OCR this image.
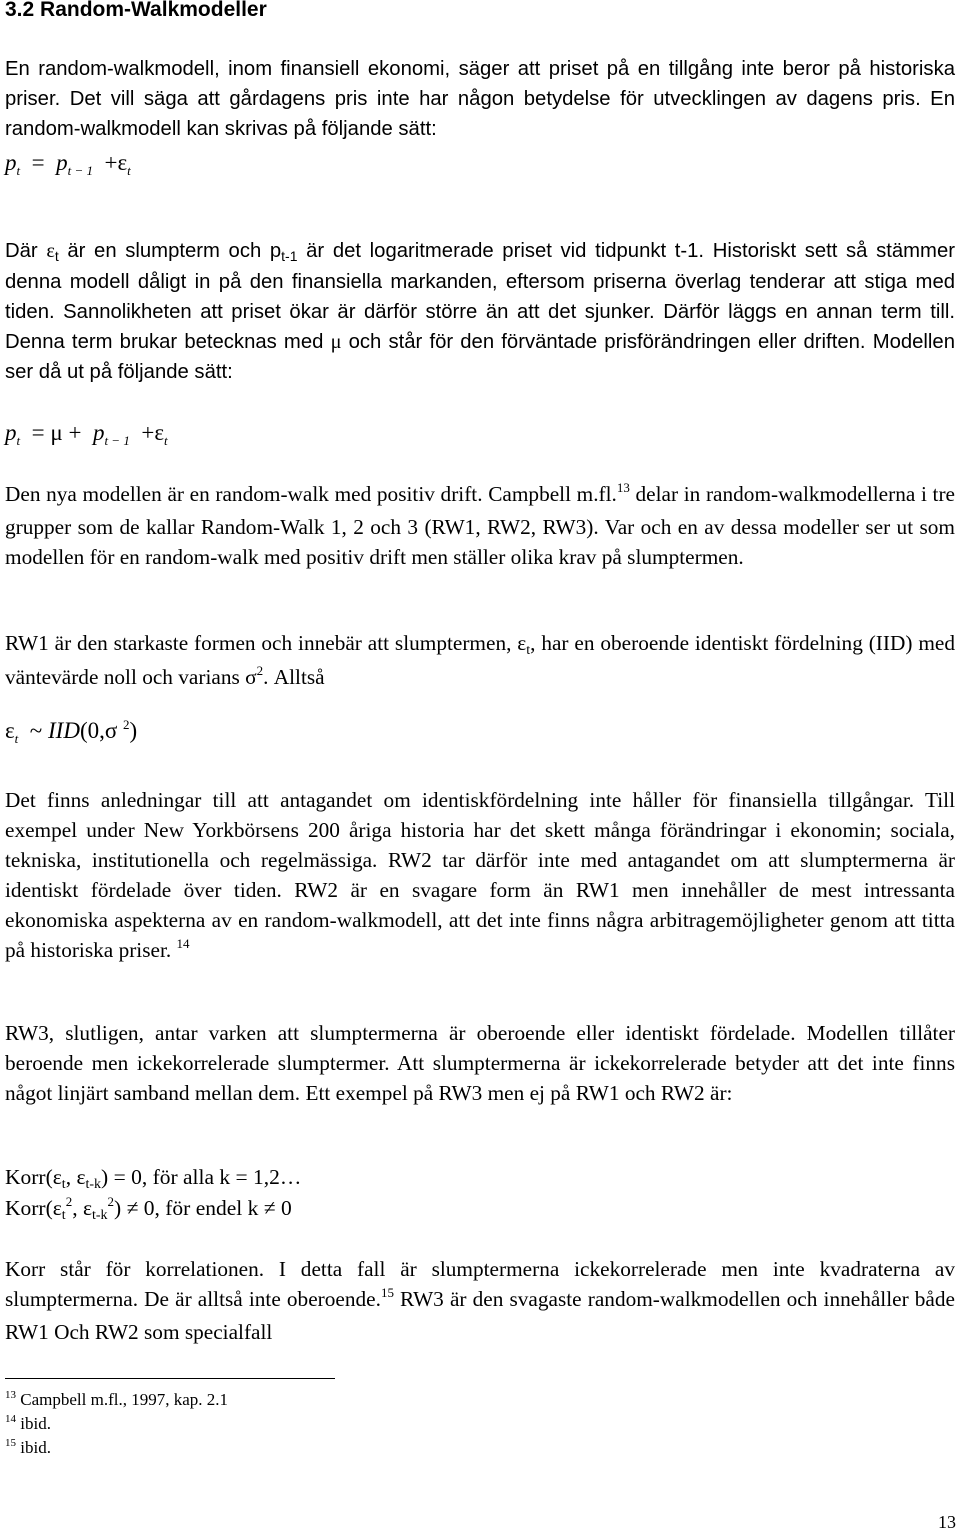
3.2 Random-Walkmodeller

En random-walkmodell, inom finansiell ekonomi, säger att priset på en tillgång inte beror på historiska priser. Det vill säga att gårdagens pris inte har någon betydelse för utvecklingen av dagens pris. En random-walkmodell kan skrivas på följande sätt:

$p_t = p_{t - 1} +\varepsilon_t$

Där εt är en slumpterm och pt-1 är det logaritmerade priset vid tidpunkt t-1. Historiskt sett så stämmer denna modell dåligt in på den finansiella markanden, eftersom priserna överlag tenderar att stiga med tiden. Sannolikheten att priset ökar är därför större än att det sjunker. Därför läggs en annan term till. Denna term brukar betecknas med μ och står för den förväntade prisförändringen eller driften. Modellen ser då ut på följande sätt:

$p_t = \mu + p_{t - 1} +\varepsilon_t$

Den nya modellen är en random-walk med positiv drift. Campbell m.fl.$^{13}$ delar in random-walkmodellerna i tre grupper som de kallar Random-Walk 1, 2 och 3 (RW1, RW2, RW3). Var och en av dessa modeller ser ut som modellen för en random-walk med positiv drift men ställer olika krav på slumptermen.

RW1 är den starkaste formen och innebär att slumptermen, εt, har en oberoende identiskt fördelning (IID) med väntevärde noll och varians $\sigma^2$. Alltså

$\varepsilon_t$ ~ IID(0,σ $^2$)

Det finns anledningar till att antagandet om identiskfördelning inte håller för finansiella tillgångar. Till exempel under New Yorkbörsens 200 åriga historia har det skett många förändringar i ekonomin; sociala, tekniska, institutionella och regelmässiga. RW2 tar därför inte med antagandet om att slumptermerna är identiskt fördelade över tiden. RW2 är en svagare form än RW1 men innehåller de mest intressanta ekonomiska aspekterna av en random-walkmodell, att det inte finns några arbitragemöjligheter genom att titta på historiska priser. $^{14}$

RW3, slutligen, antar varken att slumptermerna är oberoende eller identiskt fördelade. Modellen tillåter beroende men ickekorrelerade slumptermer. Att slumptermerna är ickekorrelerade betyder att det inte finns något linjärt samband mellan dem. Ett exempel på RW3 men ej på RW1 och RW2 är:

Korr(εt, εt-k) = 0, för alla k = 1,2…

$Korr(\varepsilon t^2$, $\varepsilon t-k^2) \ne 0$, för endel k ≠ 0

Korr står för korrelationen. I detta fall är slumptermerna ickekorrelerade men inte kvadraterna av slumptermerna. De är alltså inte oberoende.$^{15}$ RW3 är den svagaste random-walkmodellen och innehåller både RW1 Och RW2 som specialfall

$^{13}$ Campbell m.fl., 1997, kap. 2.1

$^{14}$ ibid.

$^{15}$ ibid.

13
